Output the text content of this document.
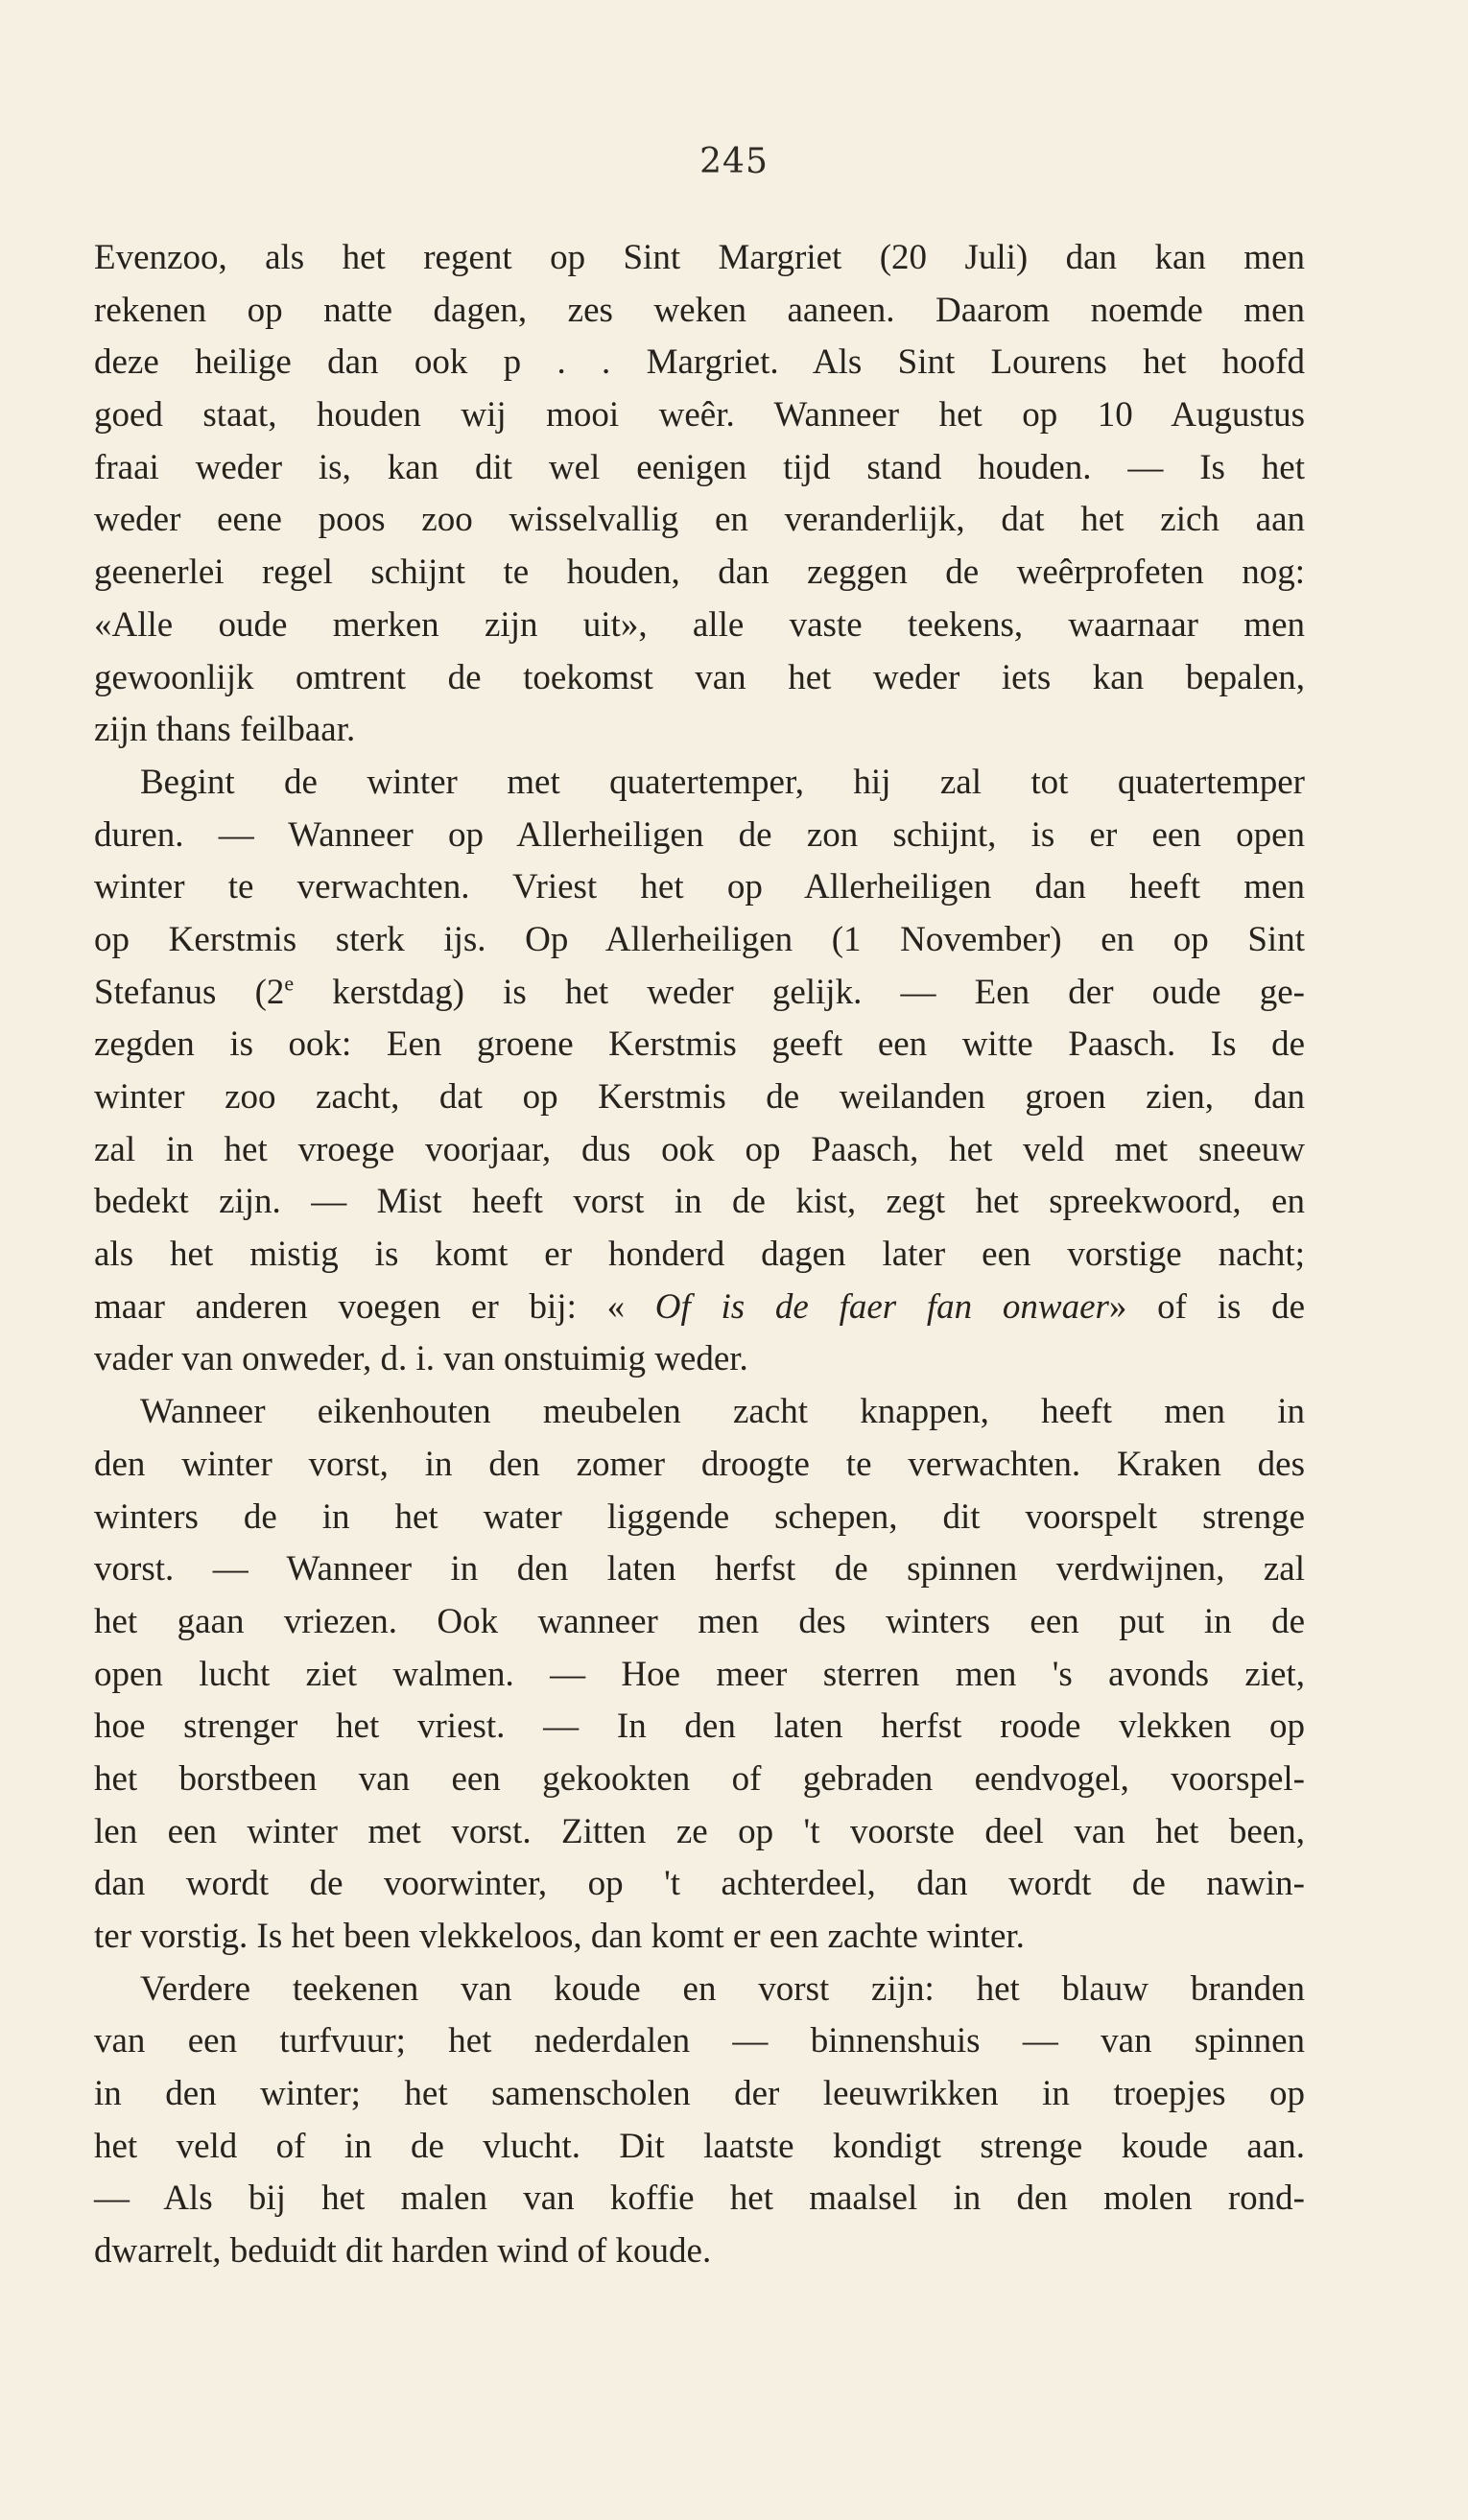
245
Evenzoo, als het regent op Sint Margriet (20 Juli) dan kan men
rekenen op natte dagen, zes weken aaneen. Daarom noemde men
deze heilige dan ook p . . Margriet. Als Sint Lourens het hoofd
goed staat, houden wij mooi weêr. Wanneer het op 10 Augustus
fraai weder is, kan dit wel eenigen tijd stand houden. — Is het
weder eene poos zoo wisselvallig en veranderlijk, dat het zich aan
geenerlei regel schijnt te houden, dan zeggen de weêrprofeten nog:
«Alle oude merken zijn uit», alle vaste teekens, waarnaar men
gewoonlijk omtrent de toekomst van het weder iets kan bepalen,
zijn thans feilbaar.
Begint de winter met quatertemper, hij zal tot quatertemper
duren. — Wanneer op Allerheiligen de zon schijnt, is er een open
winter te verwachten. Vriest het op Allerheiligen dan heeft men
op Kerstmis sterk ijs. Op Allerheiligen (1 November) en op Sint
Stefanus (2e kerstdag) is het weder gelijk. — Een der oude ge-
zegden is ook: Een groene Kerstmis geeft een witte Paasch. Is de
winter zoo zacht, dat op Kerstmis de weilanden groen zien, dan
zal in het vroege voorjaar, dus ook op Paasch, het veld met sneeuw
bedekt zijn. — Mist heeft vorst in de kist, zegt het spreekwoord, en
als het mistig is komt er honderd dagen later een vorstige nacht;
maar anderen voegen er bij: « Of is de faer fan onwaer» of is de
vader van onweder, d. i. van onstuimig weder.
Wanneer eikenhouten meubelen zacht knappen, heeft men in
den winter vorst, in den zomer droogte te verwachten. Kraken des
winters de in het water liggende schepen, dit voorspelt strenge
vorst. — Wanneer in den laten herfst de spinnen verdwijnen, zal
het gaan vriezen. Ook wanneer men des winters een put in de
open lucht ziet walmen. — Hoe meer sterren men 's avonds ziet,
hoe strenger het vriest. — In den laten herfst roode vlekken op
het borstbeen van een gekookten of gebraden eendvogel, voorspel-
len een winter met vorst. Zitten ze op 't voorste deel van het been,
dan wordt de voorwinter, op 't achterdeel, dan wordt de nawin-
ter vorstig. Is het been vlekkeloos, dan komt er een zachte winter.
Verdere teekenen van koude en vorst zijn: het blauw branden
van een turfvuur; het nederdalen — binnenshuis — van spinnen
in den winter; het samenscholen der leeuwrikken in troepjes op
het veld of in de vlucht. Dit laatste kondigt strenge koude aan.
— Als bij het malen van koffie het maalsel in den molen rond-
dwarrelt, beduidt dit harden wind of koude.
